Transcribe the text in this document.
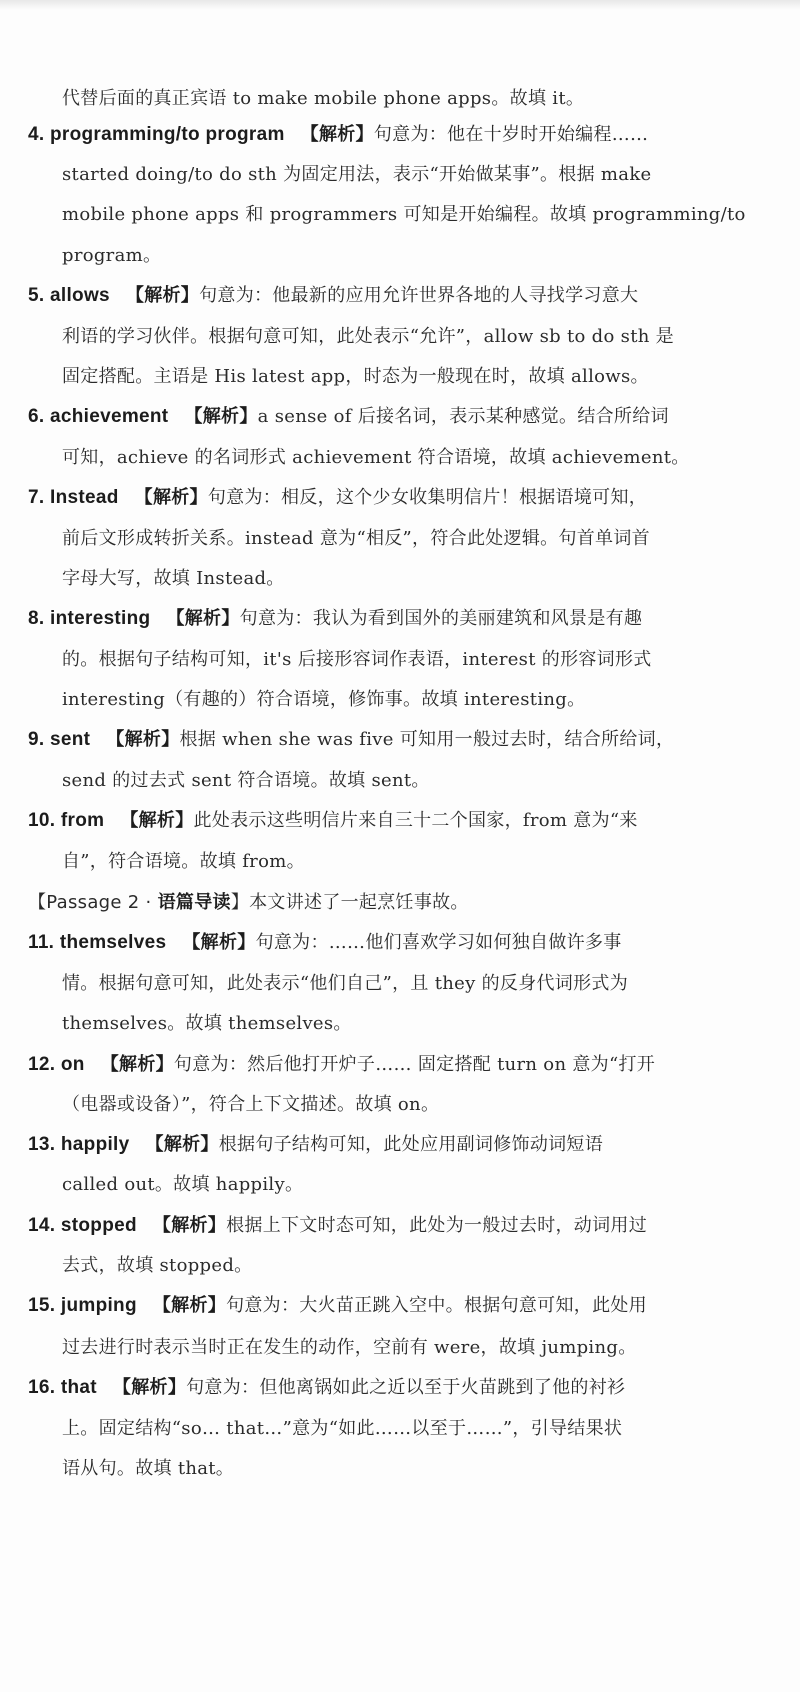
代替后面的真正宾语 to make mobile phone apps。故填 it。
4. programming/to program 【解析】句意为：他在十岁时开始编程……
started doing/to do sth 为固定用法，表示“开始做某事”。根据 make
mobile phone apps 和 programmers 可知是开始编程。故填 programming/to
program。
5. allows 【解析】句意为：他最新的应用允许世界各地的人寻找学习意大
利语的学习伙伴。根据句意可知，此处表示“允许”，allow sb to do sth 是
固定搭配。主语是 His latest app，时态为一般现在时，故填 allows。
6. achievement 【解析】a sense of 后接名词，表示某种感觉。结合所给词
可知，achieve 的名词形式 achievement 符合语境，故填 achievement。
7. Instead 【解析】句意为：相反，这个少女收集明信片！根据语境可知，
前后文形成转折关系。instead 意为“相反”，符合此处逻辑。句首单词首
字母大写，故填 Instead。
8. interesting 【解析】句意为：我认为看到国外的美丽建筑和风景是有趣
的。根据句子结构可知，it's 后接形容词作表语，interest 的形容词形式
interesting（有趣的）符合语境，修饰事。故填 interesting。
9. sent 【解析】根据 when she was five 可知用一般过去时，结合所给词，
send 的过去式 sent 符合语境。故填 sent。
10. from 【解析】此处表示这些明信片来自三十二个国家，from 意为“来
自”，符合语境。故填 from。
【Passage 2 · 语篇导读】本文讲述了一起烹饪事故。
11. themselves 【解析】句意为：……他们喜欢学习如何独自做许多事
情。根据句意可知，此处表示“他们自己”，且 they 的反身代词形式为
themselves。故填 themselves。
12. on 【解析】句意为：然后他打开炉子…… 固定搭配 turn on 意为“打开
（电器或设备）”，符合上下文描述。故填 on。
13. happily 【解析】根据句子结构可知，此处应用副词修饰动词短语
called out。故填 happily。
14. stopped 【解析】根据上下文时态可知，此处为一般过去时，动词用过
去式，故填 stopped。
15. jumping 【解析】句意为：大火苗正跳入空中。根据句意可知，此处用
过去进行时表示当时正在发生的动作，空前有 were，故填 jumping。
16. that 【解析】句意为：但他离锅如此之近以至于火苗跳到了他的衬衫
上。固定结构“so… that…”意为“如此……以至于……”，引导结果状
语从句。故填 that。
